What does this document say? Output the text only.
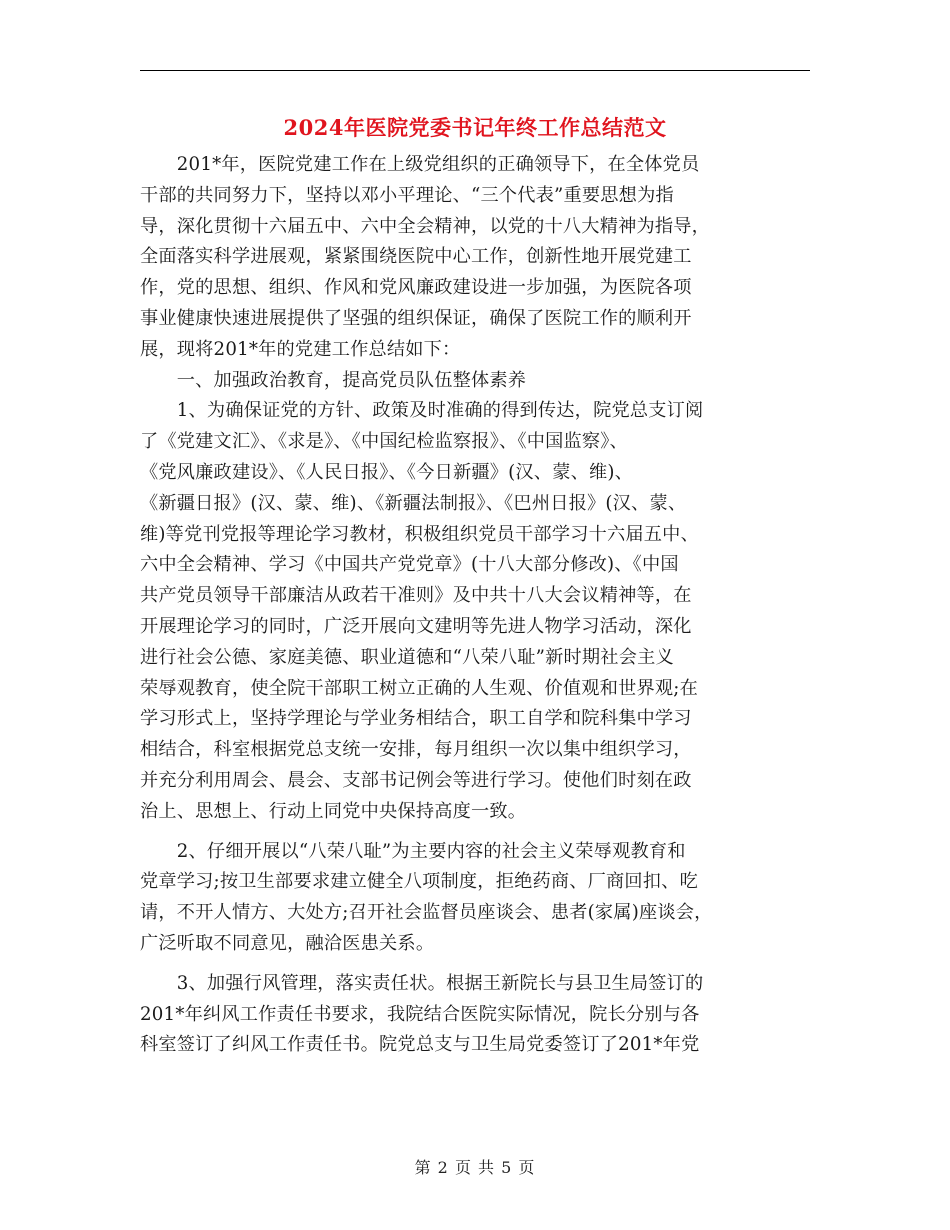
2024年医院党委书记年终工作总结范文

　　201*年，医院党建工作在上级党组织的正确领导下，在全体党员
干部的共同努力下，坚持以邓小平理论、“三个代表”重要思想为指
导，深化贯彻十六届五中、六中全会精神，以党的十八大精神为指导，
全面落实科学进展观，紧紧围绕医院中心工作，创新性地开展党建工
作，党的思想、组织、作风和党风廉政建设进一步加强，为医院各项
事业健康快速进展提供了坚强的组织保证，确保了医院工作的顺利开
展，现将201*年的党建工作总结如下：

　　一、加强政治教育，提高党员队伍整体素养

　　1、为确保证党的方针、政策及时准确的得到传达，院党总支订阅
了《党建文汇》、《求是》、《中国纪检监察报》、《中国监察》、
《党风廉政建设》、《人民日报》、《今日新疆》(汉、蒙、维)、
《新疆日报》(汉、蒙、维)、《新疆法制报》、《巴州日报》(汉、蒙、
维)等党刊党报等理论学习教材，积极组织党员干部学习十六届五中、
六中全会精神、学习《中国共产党党章》(十八大部分修改)、《中国
共产党员领导干部廉洁从政若干准则》及中共十八大会议精神等，在
开展理论学习的同时，广泛开展向文建明等先进人物学习活动，深化
进行社会公德、家庭美德、职业道德和“八荣八耻”新时期社会主义
荣辱观教育，使全院干部职工树立正确的人生观、价值观和世界观;在
学习形式上，坚持学理论与学业务相结合，职工自学和院科集中学习
相结合，科室根据党总支统一安排，每月组织一次以集中组织学习，
并充分利用周会、晨会、支部书记例会等进行学习。使他们时刻在政
治上、思想上、行动上同党中央保持高度一致。

　　2、仔细开展以“八荣八耻”为主要内容的社会主义荣辱观教育和
党章学习;按卫生部要求建立健全八项制度，拒绝药商、厂商回扣、吃
请，不开人情方、大处方;召开社会监督员座谈会、患者(家属)座谈会，
广泛听取不同意见，融洽医患关系。

　　3、加强行风管理，落实责任状。根据王新院长与县卫生局签订的
201*年纠风工作责任书要求，我院结合医院实际情况，院长分别与各
科室签订了纠风工作责任书。院党总支与卫生局党委签订了201*年党

第 2 页 共 5 页
